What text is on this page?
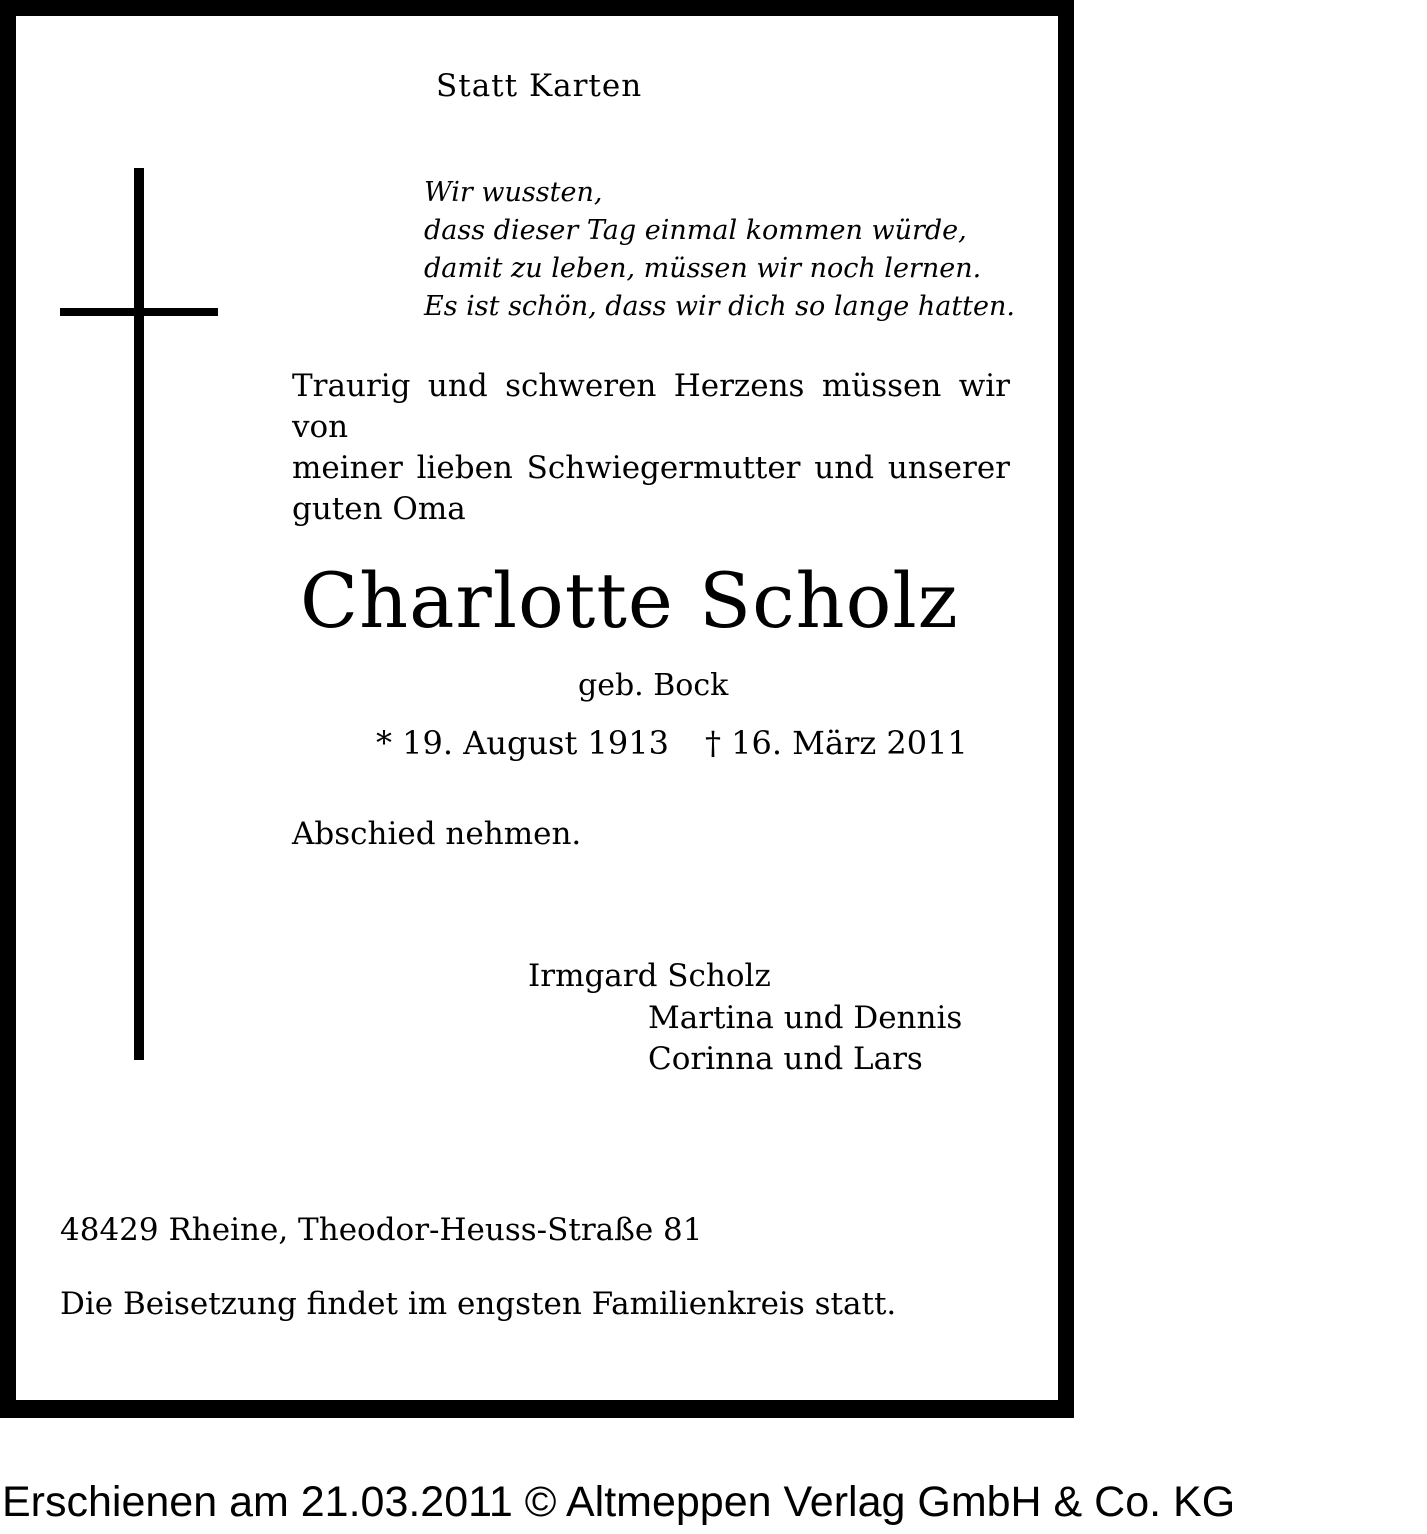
Statt Karten
Wir wussten,
dass dieser Tag einmal kommen würde,
damit zu leben, müssen wir noch lernen.
Es ist schön, dass wir dich so lange hatten.
Traurig und schweren Herzens müssen wir von
meiner lieben Schwiegermutter und unserer
guten Oma
Charlotte Scholz
geb. Bock
* 19. August 1913 † 16. März 2011
Abschied nehmen.
Irmgard Scholz
Martina und Dennis
Corinna und Lars
48429 Rheine, Theodor-Heuss-Straße 81
Die Beisetzung findet im engsten Familienkreis statt.
Erschienen am 21.03.2011 © Altmeppen Verlag GmbH & Co. KG
